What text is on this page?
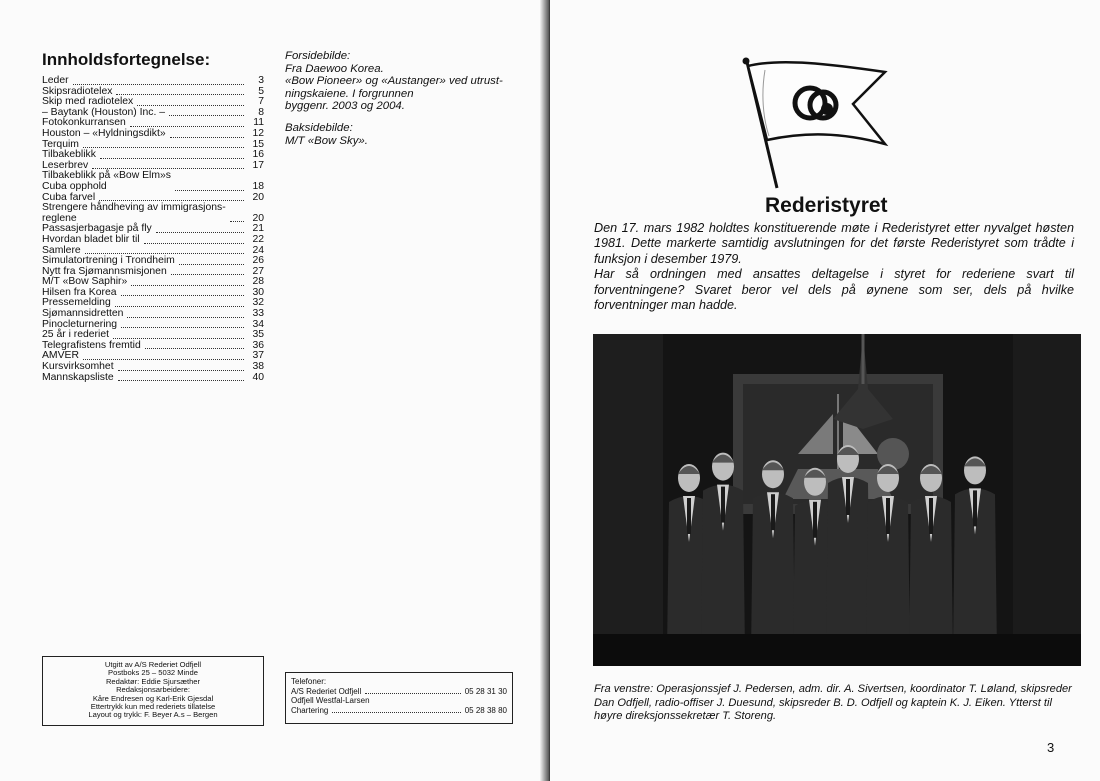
Innholdsfortegnelse:
Leder	3
Skipsradiotelex	5
Skip med radiotelex	7
– Baytank (Houston) Inc. –	8
Fotokonkurransen	11
Houston – «Hyldningsdikt»	12
Terquim	15
Tilbakeblikk	16
Leserbrev	17
Tilbakeblikk på «Bow Elm»s
Cuba opphold	18
Cuba farvel	20
Strengere håndheving av immigrasjons-
reglene	20
Passasjerbagasje på fly	21
Hvordan bladet blir til	22
Samlere	24
Simulatortrening i Trondheim	26
Nytt fra Sjømannsmisjonen	27
M/T «Bow Saphir»	28
Hilsen fra Korea	30
Pressemelding	32
Sjømannsidretten	33
Pinocleturnering	34
25 år i rederiet	35
Telegrafistens fremtid	36
AMVER	37
Kursvirksomhet	38
Mannskapsliste	40

Forsidebilde:
Fra Daewoo Korea.
«Bow Pioneer» og «Austanger» ved utrust-
ningskaiene. I forgrunnen
byggenr. 2003 og 2004.

Baksidebilde:
M/T «Bow Sky».

Utgitt av A/S Rederiet Odfjell
Postboks 25 – 5032 Minde
Redaktør: Eddie Sjursæther
Redaksjonsarbeidere:
Kåre Endresen og Karl-Erik Gjesdal
Ettertrykk kun med rederiets tillatelse
Layout og trykk: F. Beyer A.s – Bergen
Telefoner:
A/S Rederiet Odfjell	05 28 31 30
Odfjell Westfal-Larsen
Chartering	05 28 38 80
Rederistyret

Den 17. mars 1982 holdtes konstituerende møte i Rederistyret etter nyvalget høsten 1981. Dette markerte samtidig avslutningen for det første Rederistyret som trådte i funksjon i desember 1979.

Har så ordningen med ansattes deltagelse i styret for rederiene svart til forventningene? Svaret beror vel dels på øynene som ser, dels på hvilke forventninger man hadde.

Fra venstre: Operasjonssjef J. Pedersen, adm. dir. A. Sivertsen, koordinator T. Løland, skipsreder Dan Odfjell, radio-offiser J. Duesund, skipsreder B. D. Odfjell og kaptein K. J. Eiken. Ytterst til høyre direksjonssekretær T. Storeng.
3
